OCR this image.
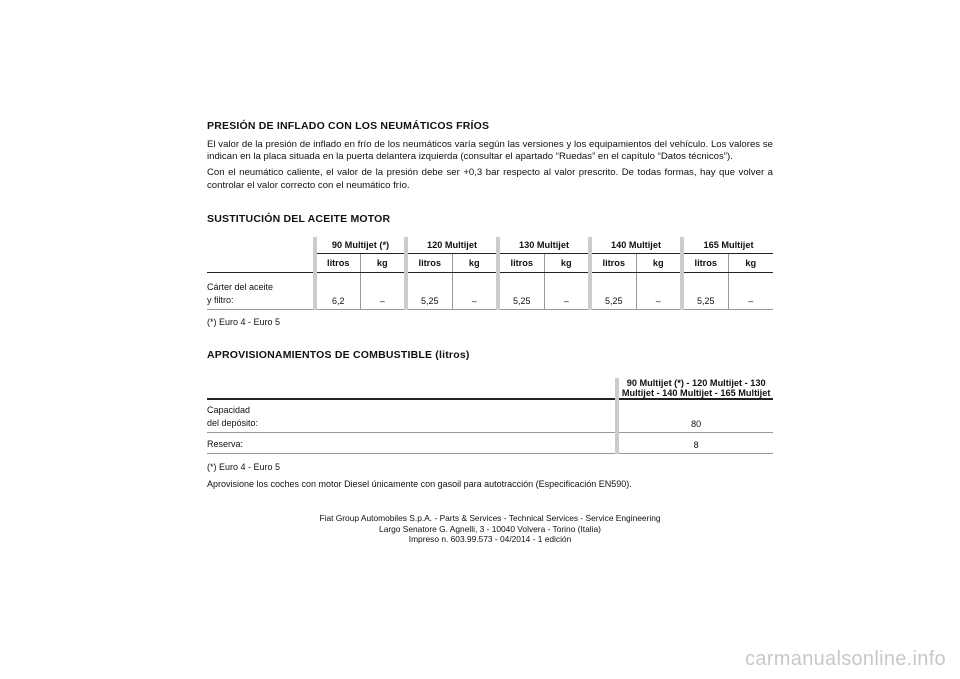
PRESIÓN DE INFLADO CON LOS NEUMÁTICOS FRÍOS

El valor de la presión de inflado en frío de los neumáticos varía según las versiones y los equipamientos del vehículo. Los valores se indican en la placa situada en la puerta delantera izquierda (consultar el apartado “Ruedas” en el capítulo “Datos técnicos”).

Con el neumático caliente, el valor de la presión debe ser +0,3 bar respecto al valor prescrito. De todas formas, hay que volver a controlar el valor correcto con el neumático frío.

SUSTITUCIÓN DEL ACEITE MOTOR
	90 Multijet (*)		120 Multijet		130 Multijet		140 Multijet		165 Multijet	
	litros	kg	litros	kg	litros	kg	litros	kg	litros	kg
Cárter del aceite
y filtro:	6,2	–	5,25	–	5,25	–	5,25	–	5,25	–
(*) Euro 4 - Euro 5
APROVISIONAMIENTOS DE COMBUSTIBLE (litros)
	90 Multijet (*) - 120 Multijet - 130 Multijet - 140 Multijet - 165 Multijet
Capacidad
del depósito:	80
Reserva:	8
(*) Euro 4 - Euro 5

Aprovisione los coches con motor Diesel únicamente con gasoil para autotracción (Especificación EN590).

Fiat Group Automobiles S.p.A. - Parts & Services - Technical Services - Service Engineering
Largo Senatore G. Agnelli, 3 - 10040 Volvera - Torino (Italia)
Impreso n. 603.99.573 - 04/2014 - 1 edición
carmanualsonline.info
